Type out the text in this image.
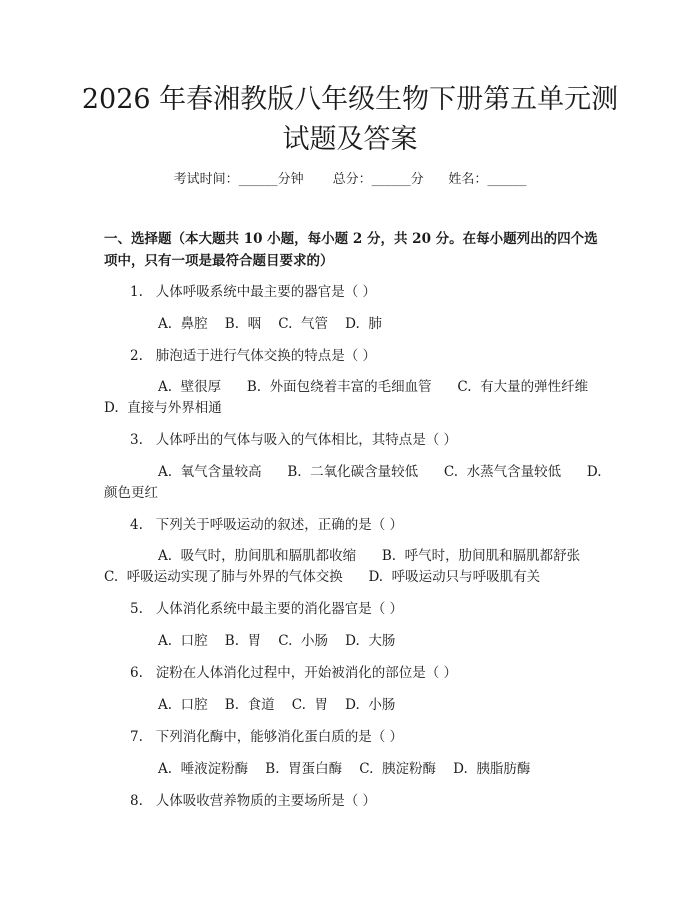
2026 年春湘教版八年级生物下册第五单元测
试题及答案
考试时间：______分钟 总分：______分 姓名：______
一、选择题（本大题共 10 小题，每小题 2 分，共 20 分。在每小题列出的四个选
项中，只有一项是最符合题目要求的）
1. 人体呼吸系统中最主要的器官是（ ）
A.  鼻腔    B.  咽    C.  气管    D.  肺
2. 肺泡适于进行气体交换的特点是（ ）
A.  壁很厚      B.  外面包绕着丰富的毛细血管      C.  有大量的弹性纤维
D.  直接与外界相通
3. 人体呼出的气体与吸入的气体相比，其特点是（ ）
A.  氧气含量较高      B.  二氧化碳含量较低      C.  水蒸气含量较低      D.
颜色更红
4. 下列关于呼吸运动的叙述，正确的是（ ）
A.  吸气时，肋间肌和膈肌都收缩      B.  呼气时，肋间肌和膈肌都舒张
C.  呼吸运动实现了肺与外界的气体交换      D.  呼吸运动只与呼吸肌有关
5. 人体消化系统中最主要的消化器官是（ ）
A.  口腔    B.  胃    C.  小肠    D.  大肠
6. 淀粉在人体消化过程中，开始被消化的部位是（ ）
A.  口腔    B.  食道    C.  胃    D.  小肠
7. 下列消化酶中，能够消化蛋白质的是（ ）
A.  唾液淀粉酶    B.  胃蛋白酶    C.  胰淀粉酶    D.  胰脂肪酶
8. 人体吸收营养物质的主要场所是（ ）
